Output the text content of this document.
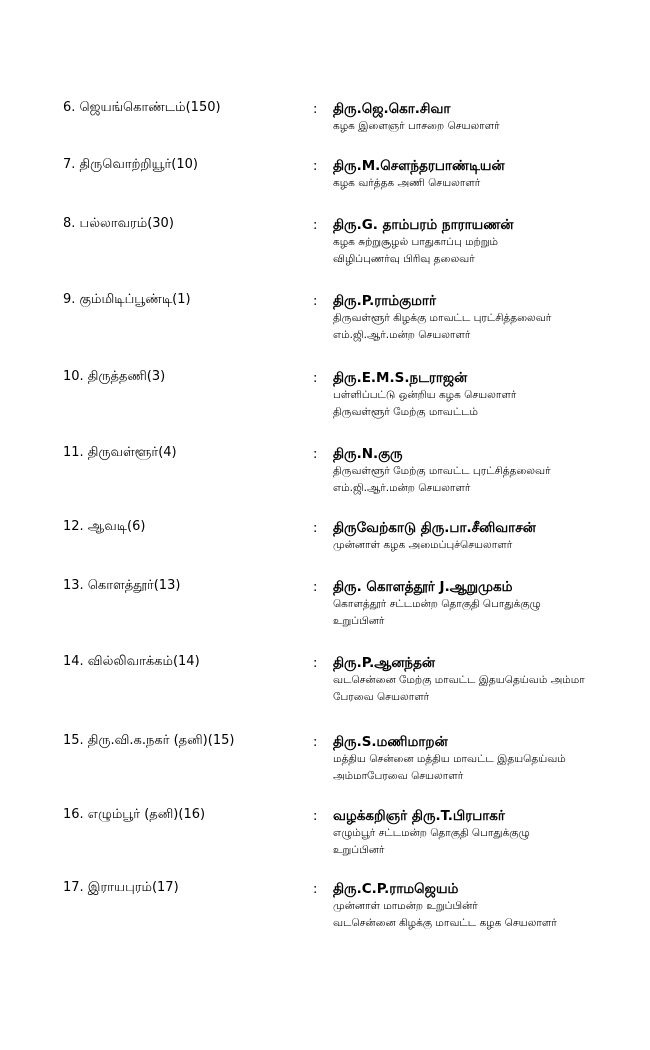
6. ஜெயங்கொண்டம்(150)	: திரு.ஜெ.கொ.சிவா
கழக இளைஞர் பாசறை செயலாளர்
7. திருவொற்றியூர்(10)	: திரு.M.சௌந்தரபாண்டியன்
கழக வர்த்தக அணி செயலாளர்
8. பல்லாவரம்(30)	: திரு.G. தாம்பரம் நாராயணன்
கழக சுற்றுசூழல் பாதுகாப்பு மற்றும்
விழிப்புணர்வு பிரிவு தலைவர்
9. கும்மிடிப்பூண்டி(1)	: திரு.P.ராம்குமார்
திருவள்ளூர் கிழக்கு மாவட்ட புரட்சித்தலைவர்
எம்.ஜி.ஆர்.மன்ற செயலாளர்
10. திருத்தணி(3)	: திரு.E.M.S.நடராஜன்
பள்ளிப்பட்டு ஒன்றிய கழக செயலாளர்
திருவள்ளூர் மேற்கு மாவட்டம்
11. திருவள்ளூர்(4)	: திரு.N.குரு
திருவள்ளூர் மேற்கு மாவட்ட புரட்சித்தலைவர்
எம்.ஜி.ஆர்.மன்ற செயலாளர்
12. ஆவடி(6)	: திருவேற்காடு திரு.பா.சீனிவாசன்
முன்னாள் கழக அமைப்புச்செயலாளர்
13. கொளத்தூர்(13)	: திரு. கொளத்தூர் J.ஆறுமுகம்
கொளத்தூர் சட்டமன்ற தொகுதி பொதுக்குழு
உறுப்பினர்
14. வில்லிவாக்கம்(14)	: திரு.P.ஆனந்தன்
வடசென்னை மேற்கு மாவட்ட இதயதெய்வம் அம்மா
பேரவை செயலாளர்
15. திரு.வி.க.நகர் (தனி)(15)	: திரு.S.மணிமாறன்
மத்திய சென்னை மத்திய மாவட்ட இதயதெய்வம்
அம்மாபேரவை செயலாளர்
16. எழும்பூர் (தனி)(16)	: வழக்கறிஞர் திரு.T.பிரபாகர்
எழும்பூர் சட்டமன்ற தொகுதி பொதுக்குழு
உறுப்பினர்
17. இராயபுரம்(17)	: திரு.C.P.ராமஜெயம்
முன்னாள் மாமன்ற உறுப்பின்ர்
வடசென்னை கிழக்கு மாவட்ட கழக செயலாளர்
